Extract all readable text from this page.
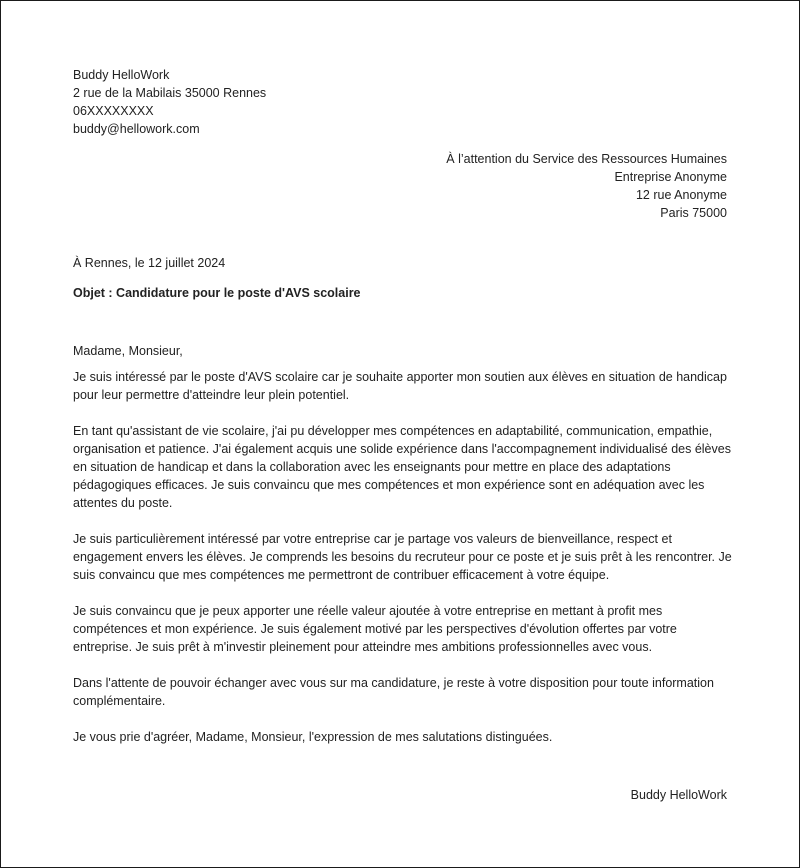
Buddy HelloWork
2 rue de la Mabilais 35000 Rennes
06XXXXXXXX
buddy@hellowork.com
À l’attention du Service des Ressources Humaines
Entreprise Anonyme
12 rue Anonyme
Paris 75000
À Rennes, le 12 juillet 2024
Objet : Candidature pour le poste d'AVS scolaire

Madame, Monsieur,

Je suis intéressé par le poste d'AVS scolaire car je souhaite apporter mon soutien aux élèves en situation de handicap pour leur permettre d'atteindre leur plein potentiel.

En tant qu'assistant de vie scolaire, j'ai pu développer mes compétences en adaptabilité, communication, empathie, organisation et patience. J'ai également acquis une solide expérience dans l'accompagnement individualisé des élèves en situation de handicap et dans la collaboration avec les enseignants pour mettre en place des adaptations pédagogiques efficaces. Je suis convaincu que mes compétences et mon expérience sont en adéquation avec les attentes du poste.

Je suis particulièrement intéressé par votre entreprise car je partage vos valeurs de bienveillance, respect et engagement envers les élèves. Je comprends les besoins du recruteur pour ce poste et je suis prêt à les rencontrer. Je suis convaincu que mes compétences me permettront de contribuer efficacement à votre équipe.

Je suis convaincu que je peux apporter une réelle valeur ajoutée à votre entreprise en mettant à profit mes compétences et mon expérience. Je suis également motivé par les perspectives d'évolution offertes par votre entreprise. Je suis prêt à m'investir pleinement pour atteindre mes ambitions professionnelles avec vous.

Dans l'attente de pouvoir échanger avec vous sur ma candidature, je reste à votre disposition pour toute information complémentaire.

Je vous prie d'agréer, Madame, Monsieur, l'expression de mes salutations distinguées.

Buddy HelloWork
